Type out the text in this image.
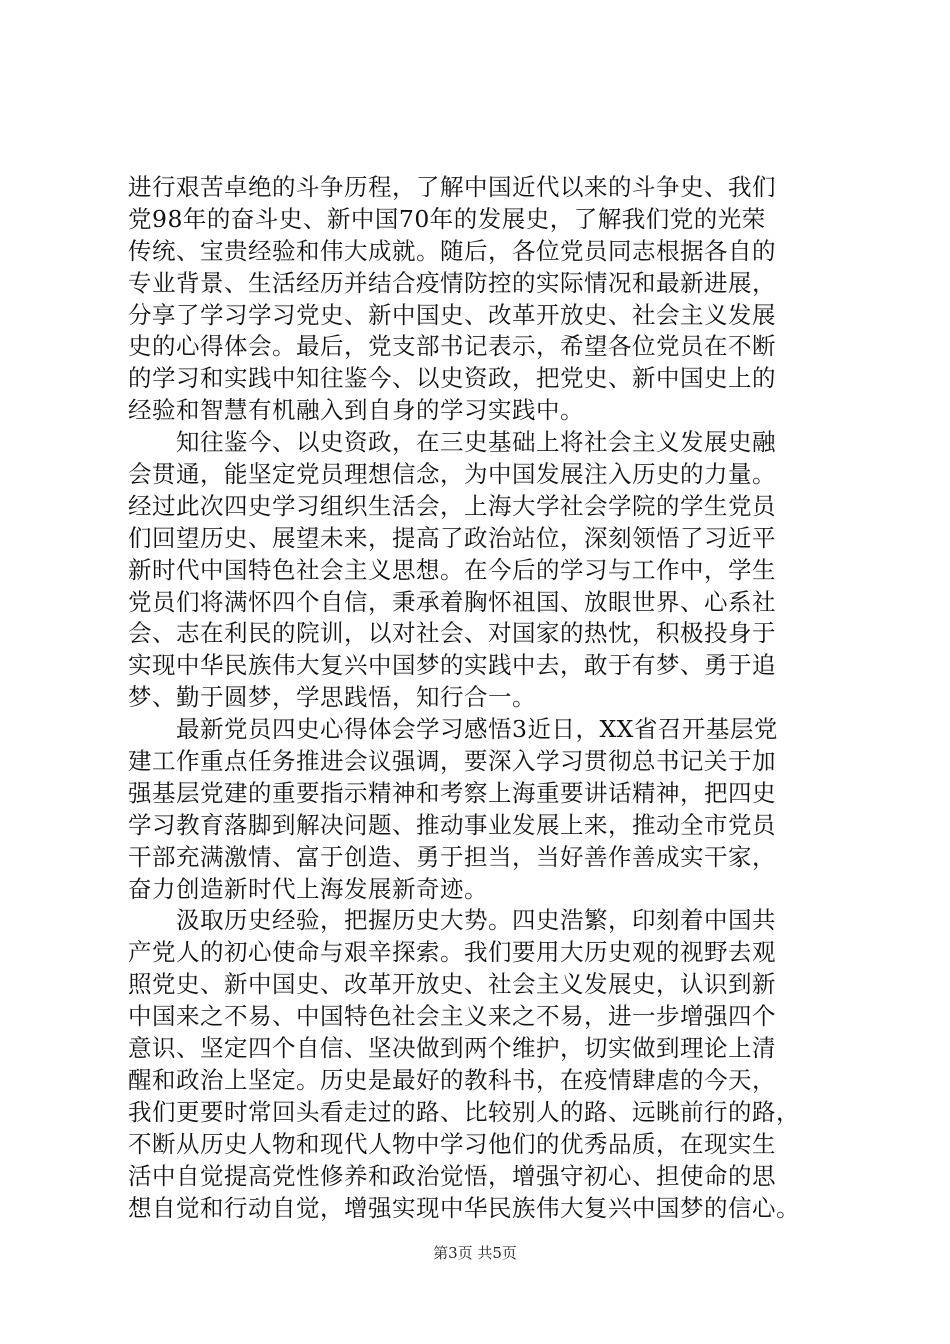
进行艰苦卓绝的斗争历程，了解中国近代以来的斗争史、我们
党98年的奋斗史、新中国70年的发展史，了解我们党的光荣
传统、宝贵经验和伟大成就。随后，各位党员同志根据各自的
专业背景、生活经历并结合疫情防控的实际情况和最新进展，
分享了学习学习党史、新中国史、改革开放史、社会主义发展
史的心得体会。最后，党支部书记表示，希望各位党员在不断
的学习和实践中知往鉴今、以史资政，把党史、新中国史上的
经验和智慧有机融入到自身的学习实践中。
　　知往鉴今、以史资政，在三史基础上将社会主义发展史融
会贯通，能坚定党员理想信念，为中国发展注入历史的力量。
经过此次四史学习组织生活会，上海大学社会学院的学生党员
们回望历史、展望未来，提高了政治站位，深刻领悟了习近平
新时代中国特色社会主义思想。在今后的学习与工作中，学生
党员们将满怀四个自信，秉承着胸怀祖国、放眼世界、心系社
会、志在利民的院训，以对社会、对国家的热忱，积极投身于
实现中华民族伟大复兴中国梦的实践中去，敢于有梦、勇于追
梦、勤于圆梦，学思践悟，知行合一。
　　最新党员四史心得体会学习感悟3近日，XX省召开基层党
建工作重点任务推进会议强调，要深入学习贯彻总书记关于加
强基层党建的重要指示精神和考察上海重要讲话精神，把四史
学习教育落脚到解决问题、推动事业发展上来，推动全市党员
干部充满激情、富于创造、勇于担当，当好善作善成实干家，
奋力创造新时代上海发展新奇迹。
　　汲取历史经验，把握历史大势。四史浩繁，印刻着中国共
产党人的初心使命与艰辛探索。我们要用大历史观的视野去观
照党史、新中国史、改革开放史、社会主义发展史，认识到新
中国来之不易、中国特色社会主义来之不易，进一步增强四个
意识、坚定四个自信、坚决做到两个维护，切实做到理论上清
醒和政治上坚定。历史是最好的教科书，在疫情肆虐的今天，
我们更要时常回头看走过的路、比较别人的路、远眺前行的路，
不断从历史人物和现代人物中学习他们的优秀品质，在现实生
活中自觉提高党性修养和政治觉悟，增强守初心、担使命的思
想自觉和行动自觉，增强实现中华民族伟大复兴中国梦的信心。
第3页 共5页
